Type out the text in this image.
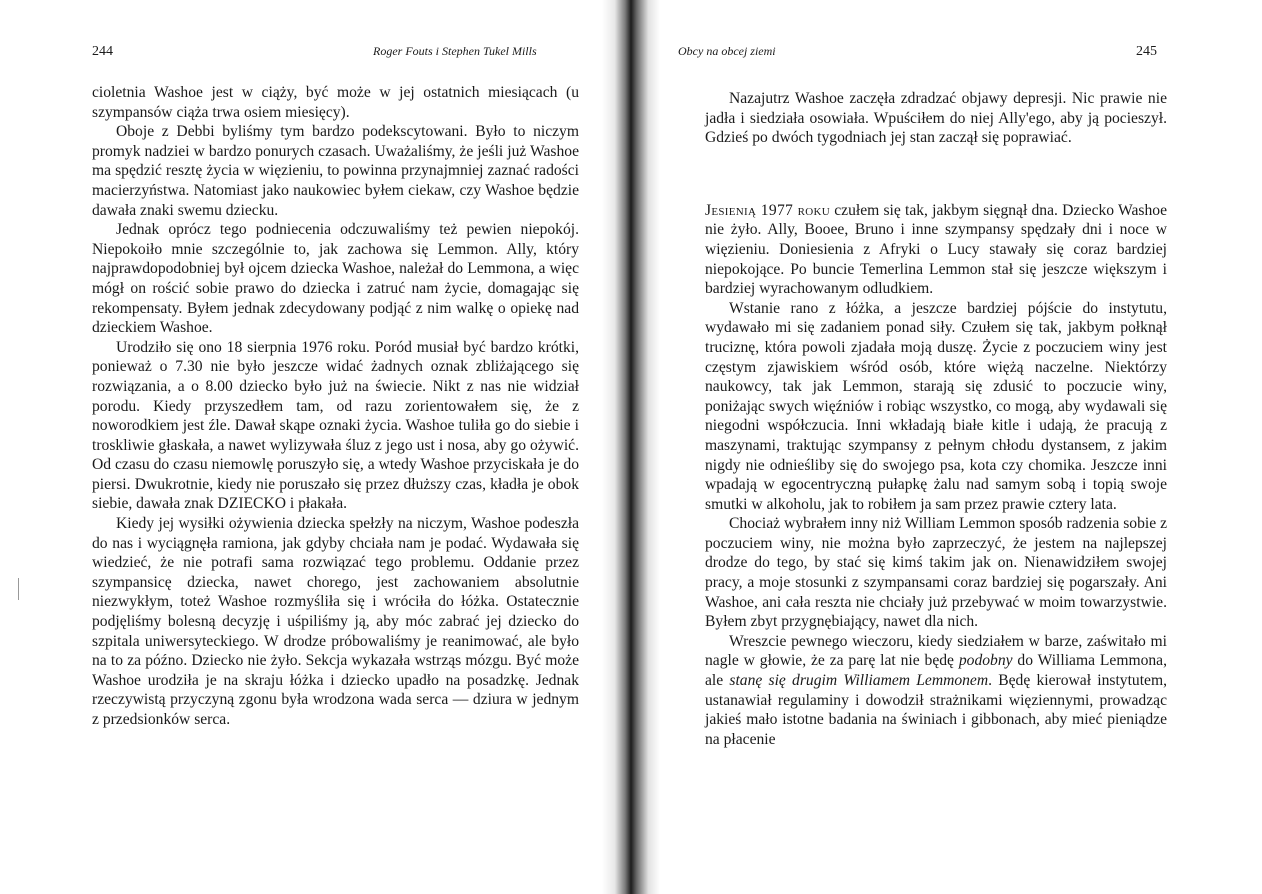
244	Roger Fouts i Stephen Tukel Mills

cioletnia Washoe jest w ciąży, być może w jej ostatnich miesiącach (u szympansów ciąża trwa osiem miesięcy).

Oboje z Debbi byliśmy tym bardzo podekscytowani. Było to niczym promyk nadziei w bardzo ponurych czasach. Uważaliśmy, że jeśli już Washoe ma spędzić resztę życia w więzieniu, to powinna przynajmniej zaznać radości macierzyństwa. Natomiast jako naukowiec byłem ciekaw, czy Washoe będzie dawała znaki swemu dziecku.

Jednak oprócz tego podniecenia odczuwaliśmy też pewien niepokój. Niepokoiło mnie szczególnie to, jak zachowa się Lemmon. Ally, który najprawdopodobniej był ojcem dziecka Washoe, należał do Lemmona, a więc mógł on rościć sobie prawo do dziecka i zatruć nam życie, domagając się rekompensaty. Byłem jednak zdecydowany podjąć z nim walkę o opiekę nad dzieckiem Washoe.

Urodziło się ono 18 sierpnia 1976 roku. Poród musiał być bardzo krótki, ponieważ o 7.30 nie było jeszcze widać żadnych oznak zbliżającego się rozwiązania, a o 8.00 dziecko było już na świecie. Nikt z nas nie widział porodu. Kiedy przyszedłem tam, od razu zorientowałem się, że z noworodkiem jest źle. Dawał skąpe oznaki życia. Washoe tuliła go do siebie i troskliwie głaskała, a nawet wylizywała śluz z jego ust i nosa, aby go ożywić. Od czasu do czasu niemowlę poruszyło się, a wtedy Washoe przyciskała je do piersi. Dwukrotnie, kiedy nie poruszało się przez dłuższy czas, kładła je obok siebie, dawała znak DZIECKO i płakała.

Kiedy jej wysiłki ożywienia dziecka spełzły na niczym, Washoe podeszła do nas i wyciągnęła ramiona, jak gdyby chciała nam je podać. Wydawała się wiedzieć, że nie potrafi sama rozwiązać tego problemu. Oddanie przez szympansicę dziecka, nawet chorego, jest zachowaniem absolutnie niezwykłym, toteż Washoe rozmyśliła się i wróciła do łóżka. Ostatecznie podjęliśmy bolesną decyzję i uśpiliśmy ją, aby móc zabrać jej dziecko do szpitala uniwersyteckiego. W drodze próbowaliśmy je reanimować, ale było na to za późno. Dziecko nie żyło. Sekcja wykazała wstrząs mózgu. Być może Washoe urodziła je na skraju łóżka i dziecko upadło na posadzkę. Jednak rzeczywistą przyczyną zgonu była wrodzona wada serca — dziura w jednym z przedsionków serca.

Obcy na obcej ziemi	245

Nazajutrz Washoe zaczęła zdradzać objawy depresji. Nic prawie nie jadła i siedziała osowiała. Wpuściłem do niej Ally'ego, aby ją pocieszył. Gdzieś po dwóch tygodniach jej stan zaczął się poprawiać.

Jesienią 1977 roku czułem się tak, jakbym sięgnął dna. Dziecko Washoe nie żyło. Ally, Booee, Bruno i inne szympansy spędzały dni i noce w więzieniu. Doniesienia z Afryki o Lucy stawały się coraz bardziej niepokojące. Po buncie Temerlina Lemmon stał się jeszcze większym i bardziej wyrachowanym odludkiem.

Wstanie rano z łóżka, a jeszcze bardziej pójście do instytutu, wydawało mi się zadaniem ponad siły. Czułem się tak, jakbym połknął truciznę, która powoli zjadała moją duszę. Życie z poczuciem winy jest częstym zjawiskiem wśród osób, które więżą naczelne. Niektórzy naukowcy, tak jak Lemmon, starają się zdusić to poczucie winy, poniżając swych więźniów i robiąc wszystko, co mogą, aby wydawali się niegodni współczucia. Inni wkładają białe kitle i udają, że pracują z maszynami, traktując szympansy z pełnym chłodu dystansem, z jakim nigdy nie odnieśliby się do swojego psa, kota czy chomika. Jeszcze inni wpadają w egocentryczną pułapkę żalu nad samym sobą i topią swoje smutki w alkoholu, jak to robiłem ja sam przez prawie cztery lata.

Chociaż wybrałem inny niż William Lemmon sposób radzenia sobie z poczuciem winy, nie można było zaprzeczyć, że jestem na najlepszej drodze do tego, by stać się kimś takim jak on. Nienawidziłem swojej pracy, a moje stosunki z szympansami coraz bardziej się pogarszały. Ani Washoe, ani cała reszta nie chciały już przebywać w moim towarzystwie. Byłem zbyt przygnębiający, nawet dla nich.

Wreszcie pewnego wieczoru, kiedy siedziałem w barze, zaświtało mi nagle w głowie, że za parę lat nie będę podobny do Williama Lemmona, ale stanę się drugim Williamem Lemmonem. Będę kierował instytutem, ustanawiał regulaminy i dowodził strażnikami więziennymi, prowadząc jakieś mało istotne badania na świniach i gibbonach, aby mieć pieniądze na płacenie
